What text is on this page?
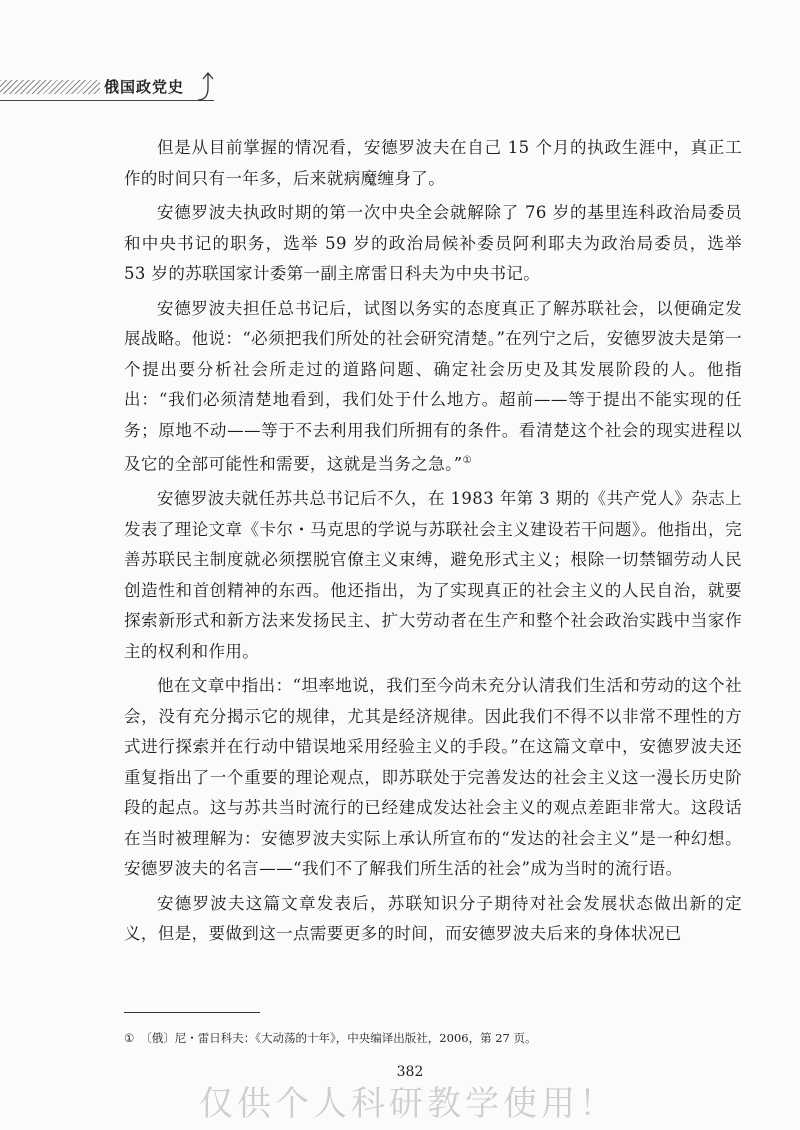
俄国政党史

但是从目前掌握的情况看，安德罗波夫在自己 15 个月的执政生涯中，真正工作的时间只有一年多，后来就病魔缠身了。

安德罗波夫执政时期的第一次中央全会就解除了 76 岁的基里连科政治局委员和中央书记的职务，选举 59 岁的政治局候补委员阿利耶夫为政治局委员，选举 53 岁的苏联国家计委第一副主席雷日科夫为中央书记。

安德罗波夫担任总书记后，试图以务实的态度真正了解苏联社会，以便确定发展战略。他说：“必须把我们所处的社会研究清楚。”在列宁之后，安德罗波夫是第一个提出要分析社会所走过的道路问题、确定社会历史及其发展阶段的人。他指出：“我们必须清楚地看到，我们处于什么地方。超前——等于提出不能实现的任务；原地不动——等于不去利用我们所拥有的条件。看清楚这个社会的现实进程以及它的全部可能性和需要，这就是当务之急。”①

安德罗波夫就任苏共总书记后不久，在 1983 年第 3 期的《共产党人》杂志上发表了理论文章《卡尔・马克思的学说与苏联社会主义建设若干问题》。他指出，完善苏联民主制度就必须摆脱官僚主义束缚，避免形式主义；根除一切禁锢劳动人民创造性和首创精神的东西。他还指出，为了实现真正的社会主义的人民自治，就要探索新形式和新方法来发扬民主、扩大劳动者在生产和整个社会政治实践中当家作主的权利和作用。

他在文章中指出：“坦率地说，我们至今尚未充分认清我们生活和劳动的这个社会，没有充分揭示它的规律，尤其是经济规律。因此我们不得不以非常不理性的方式进行探索并在行动中错误地采用经验主义的手段。”在这篇文章中，安德罗波夫还重复指出了一个重要的理论观点，即苏联处于完善发达的社会主义这一漫长历史阶段的起点。这与苏共当时流行的已经建成发达社会主义的观点差距非常大。这段话在当时被理解为：安德罗波夫实际上承认所宣布的“发达的社会主义”是一种幻想。安德罗波夫的名言——“我们不了解我们所生活的社会”成为当时的流行语。

安德罗波夫这篇文章发表后，苏联知识分子期待对社会发展状态做出新的定义，但是，要做到这一点需要更多的时间，而安德罗波夫后来的身体状况已

① 〔俄〕尼・雷日科夫：《大动荡的十年》，中央编译出版社，2006，第 27 页。
382
仅供个人科研教学使用！
